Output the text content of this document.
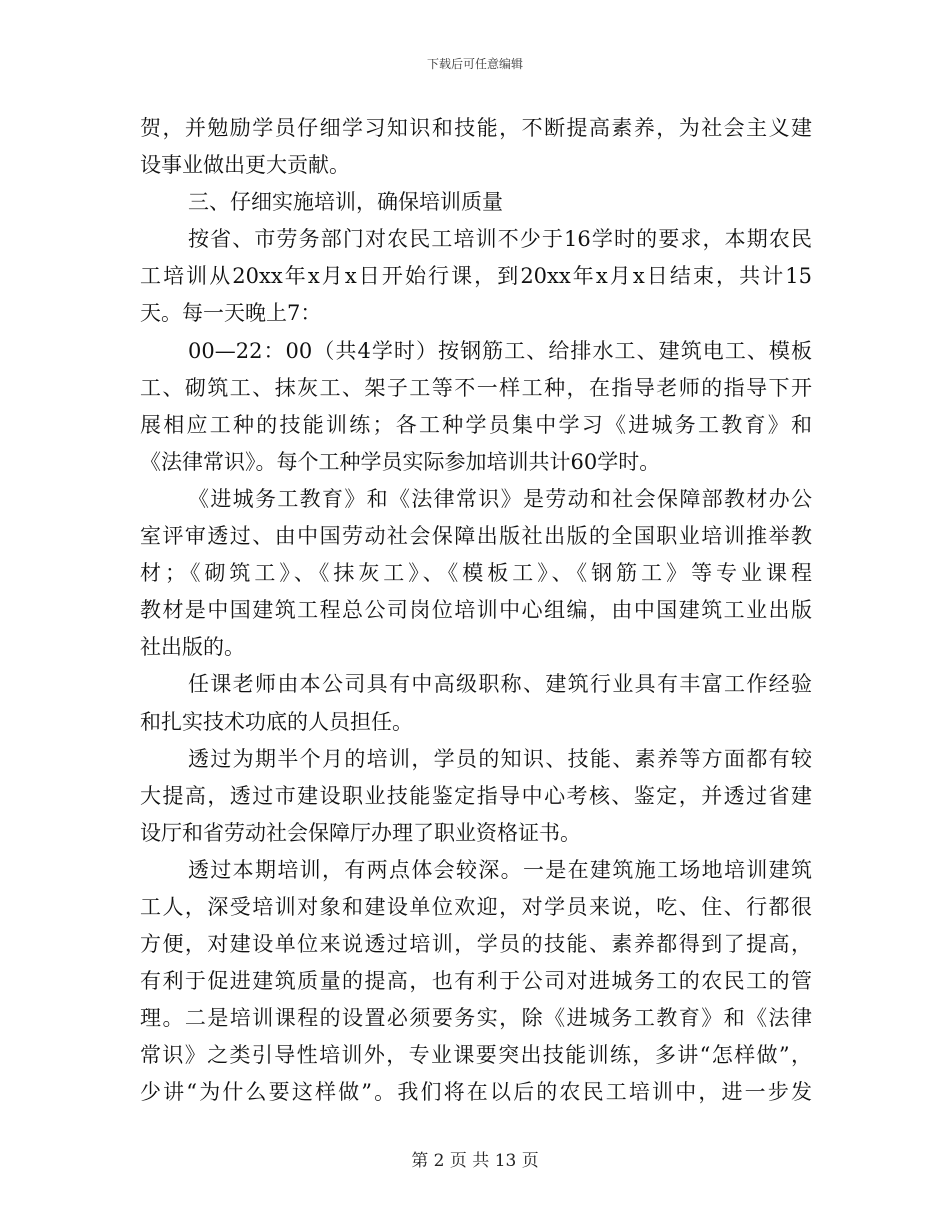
下载后可任意编辑
贺，并勉励学员仔细学习知识和技能，不断提高素养，为社会主义建
设事业做出更大贡献。
三、仔细实施培训，确保培训质量
按省、市劳务部门对农民工培训不少于16学时的要求，本期农民
工培训从20xx年x月x日开始行课，到20xx年x月x日结束，共计15
天。每一天晚上7：
00—22：00（共4学时）按钢筋工、给排水工、建筑电工、模板
工、砌筑工、抹灰工、架子工等不一样工种，在指导老师的指导下开
展相应工种的技能训练；各工种学员集中学习《进城务工教育》和
《法律常识》。每个工种学员实际参加培训共计60学时。
《进城务工教育》和《法律常识》是劳动和社会保障部教材办公
室评审透过、由中国劳动社会保障出版社出版的全国职业培训推举教
材；《砌筑工》、《抹灰工》、《模板工》、《钢筋工》等专业课程
教材是中国建筑工程总公司岗位培训中心组编，由中国建筑工业出版
社出版的。
任课老师由本公司具有中高级职称、建筑行业具有丰富工作经验
和扎实技术功底的人员担任。
透过为期半个月的培训，学员的知识、技能、素养等方面都有较
大提高，透过市建设职业技能鉴定指导中心考核、鉴定，并透过省建
设厅和省劳动社会保障厅办理了职业资格证书。
透过本期培训，有两点体会较深。一是在建筑施工场地培训建筑
工人，深受培训对象和建设单位欢迎，对学员来说，吃、住、行都很
方便，对建设单位来说透过培训，学员的技能、素养都得到了提高，
有利于促进建筑质量的提高，也有利于公司对进城务工的农民工的管
理。二是培训课程的设置必须要务实，除《进城务工教育》和《法律
常识》之类引导性培训外，专业课要突出技能训练，多讲“怎样做”，
少讲“为什么要这样做”。我们将在以后的农民工培训中，进一步发
第 2 页 共 13 页
